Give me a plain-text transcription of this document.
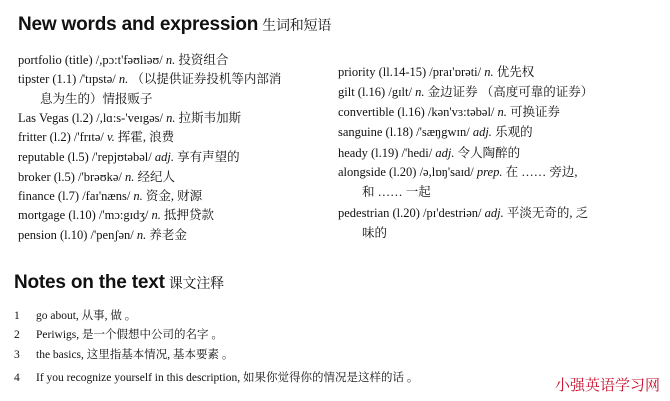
New words and expression 生词和短语
portfolio (title) /,pɔ:t'fəʊliəʊ/ n. 投资组合
tipster (1.1) /'tɪpstə/ n. （以提供证券投机等内部消
息为生的）情报贩子
Las Vegas (l.2) /,lɑ:s-'veɪgəs/ n. 拉斯韦加斯
fritter (l.2) /'frɪtə/ v. 挥霍, 浪费
reputable (l.5) /'repjʊtəbəl/ adj. 享有声望的
broker (l.5) /'brəʊkə/ n. 经纪人
finance (l.7) /faɪ'næns/ n. 资金, 财源
mortgage (l.10) /'mɔ:gɪdʒ/ n. 抵押贷款
pension (l.10) /'penʃən/ n. 养老金
priority (ll.14-15) /praɪ'ɒrəti/ n. 优先权
gilt (l.16) /gɪlt/ n. 金边证券 （高度可靠的证券）
convertible (l.16) /kən'vɜ:təbəl/ n. 可换证券
sanguine (l.18) /'sæŋgwɪn/ adj. 乐观的
heady (l.19) /'hedi/ adj. 令人陶醉的
alongside (l.20) /ə,lɒŋ'saɪd/ prep. 在 …… 旁边,
和 …… 一起
pedestrian (l.20) /pɪ'destriən/ adj. 平淡无奇的, 乏
味的
Notes on the text 课文注释
1 go about, 从事, 做 。
2 Periwigs, 是一个假想中公司的名字 。
3 the basics, 这里指基本情况, 基本要素 。
4 If you recognize yourself in this description, 如果你觉得你的情况是这样的话 。	小强英语学习网
